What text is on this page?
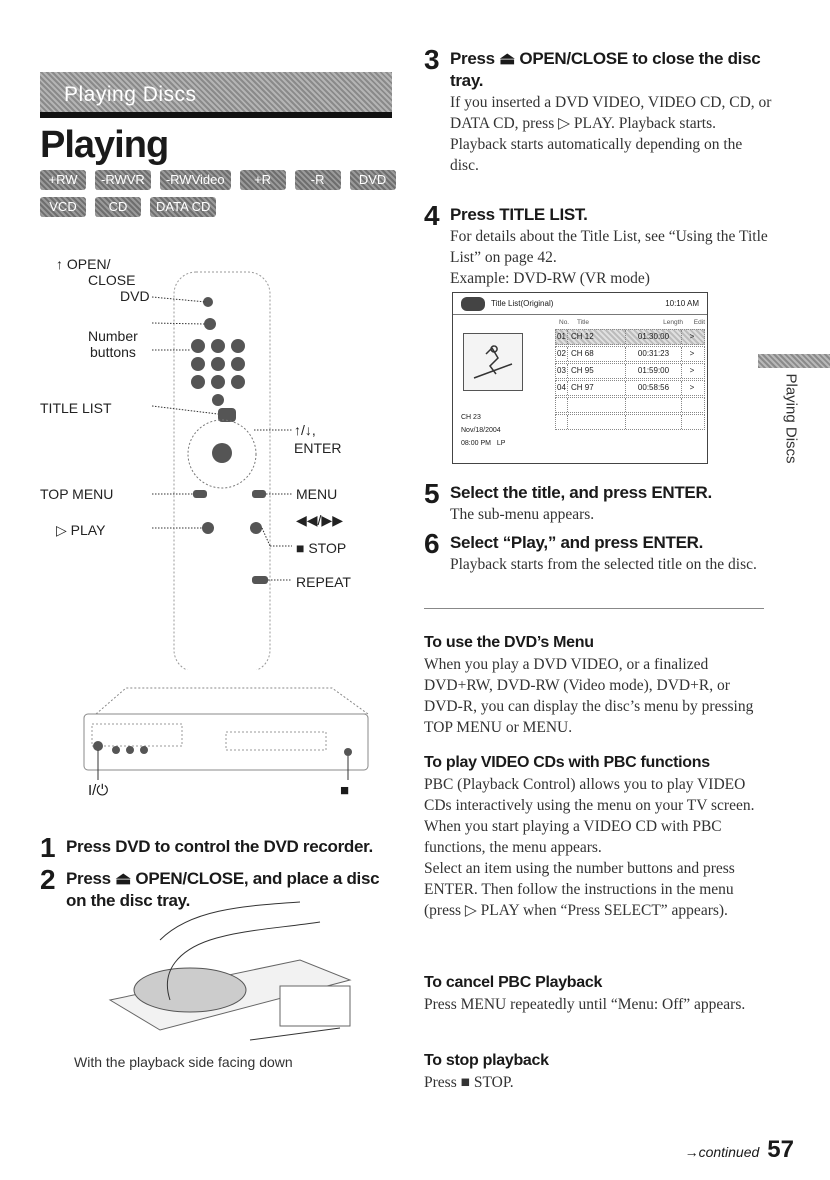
Playing Discs
Playing
+RW	-RWVR	-RWVideo	+R	-R	DVD
VCD	CD	DATA CD
↑ OPEN/
CLOSE
DVD
Number
buttons
TITLE LIST
↑/↓,
ENTER
TOP MENU	MENU
▷ PLAY
◀◀/▶▶
■ STOP
REPEAT
I/⏻	■
1 Press DVD to control the DVD recorder.
2 Press ⏏ OPEN/CLOSE, and place a disc on the disc tray.
With the playback side facing down
3 Press ⏏ OPEN/CLOSE to close the disc tray.
If you inserted a DVD VIDEO, VIDEO CD, CD, or DATA CD, press ▷ PLAY. Playback starts.
Playback starts automatically depending on the disc.
4 Press TITLE LIST.
For details about the Title List, see “Using the Title List” on page 42.
Example: DVD-RW (VR mode)
Title List(Original)	10:10 AM
No.	Title	Length	Edit
01 CH 12	01:30:00	>
02 CH 68	00:31:23	>
03 CH 95	01:59:00	>
04 CH 97	00:58:56	>
CH 23
Nov/18/2004
08:00 PM LP	Playing Discs
5 Select the title, and press ENTER.
The sub-menu appears.
6 Select “Play,” and press ENTER.
Playback starts from the selected title on the disc.
To use the DVD’s Menu
When you play a DVD VIDEO, or a finalized DVD+RW, DVD-RW (Video mode), DVD+R, or DVD-R, you can display the disc’s menu by pressing TOP MENU or MENU.
To play VIDEO CDs with PBC functions
PBC (Playback Control) allows you to play VIDEO CDs interactively using the menu on your TV screen.
When you start playing a VIDEO CD with PBC functions, the menu appears.
Select an item using the number buttons and press ENTER. Then follow the instructions in the menu (press ▷ PLAY when “Press SELECT” appears).
To cancel PBC Playback
Press MENU repeatedly until “Menu: Off” appears.
To stop playback
Press ■ STOP.
→continued 57
